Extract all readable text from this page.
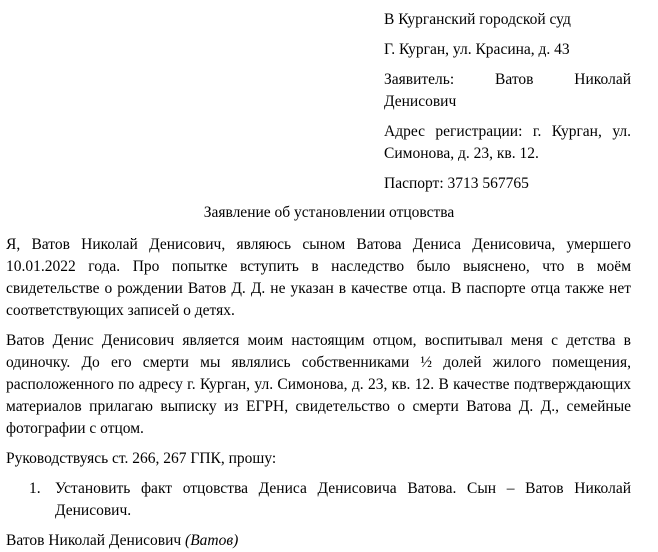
В Курганский городской суд

Г. Курган, ул. Красина, д. 43

Заявитель: Ватов Николай Денисович

Адрес регистрации: г. Курган, ул. Симонова, д. 23, кв. 12.

Паспорт: 3713 567765

Заявление об установлении отцовства

Я, Ватов Николай Денисович, являюсь сыном Ватова Дениса Денисовича, умершего 10.01.2022 года. Про попытке вступить в наследство было выяснено, что в моём свидетельстве о рождении Ватов Д. Д. не указан в качестве отца. В паспорте отца также нет соответствующих записей о детях.

Ватов Денис Денисович является моим настоящим отцом, воспитывал меня с детства в одиночку. До его смерти мы являлись собственниками ½ долей жилого помещения, расположенного по адресу г. Курган, ул. Симонова, д. 23, кв. 12. В качестве подтверждающих материалов прилагаю выписку из ЕГРН, свидетельство о смерти Ватова Д. Д., семейные фотографии с отцом.

Руководствуясь ст. 266, 267 ГПК, прошу:

1. Установить факт отцовства Дениса Денисовича Ватова. Сын – Ватов Николай Денисович.

Ватов Николай Денисович (Ватов)
